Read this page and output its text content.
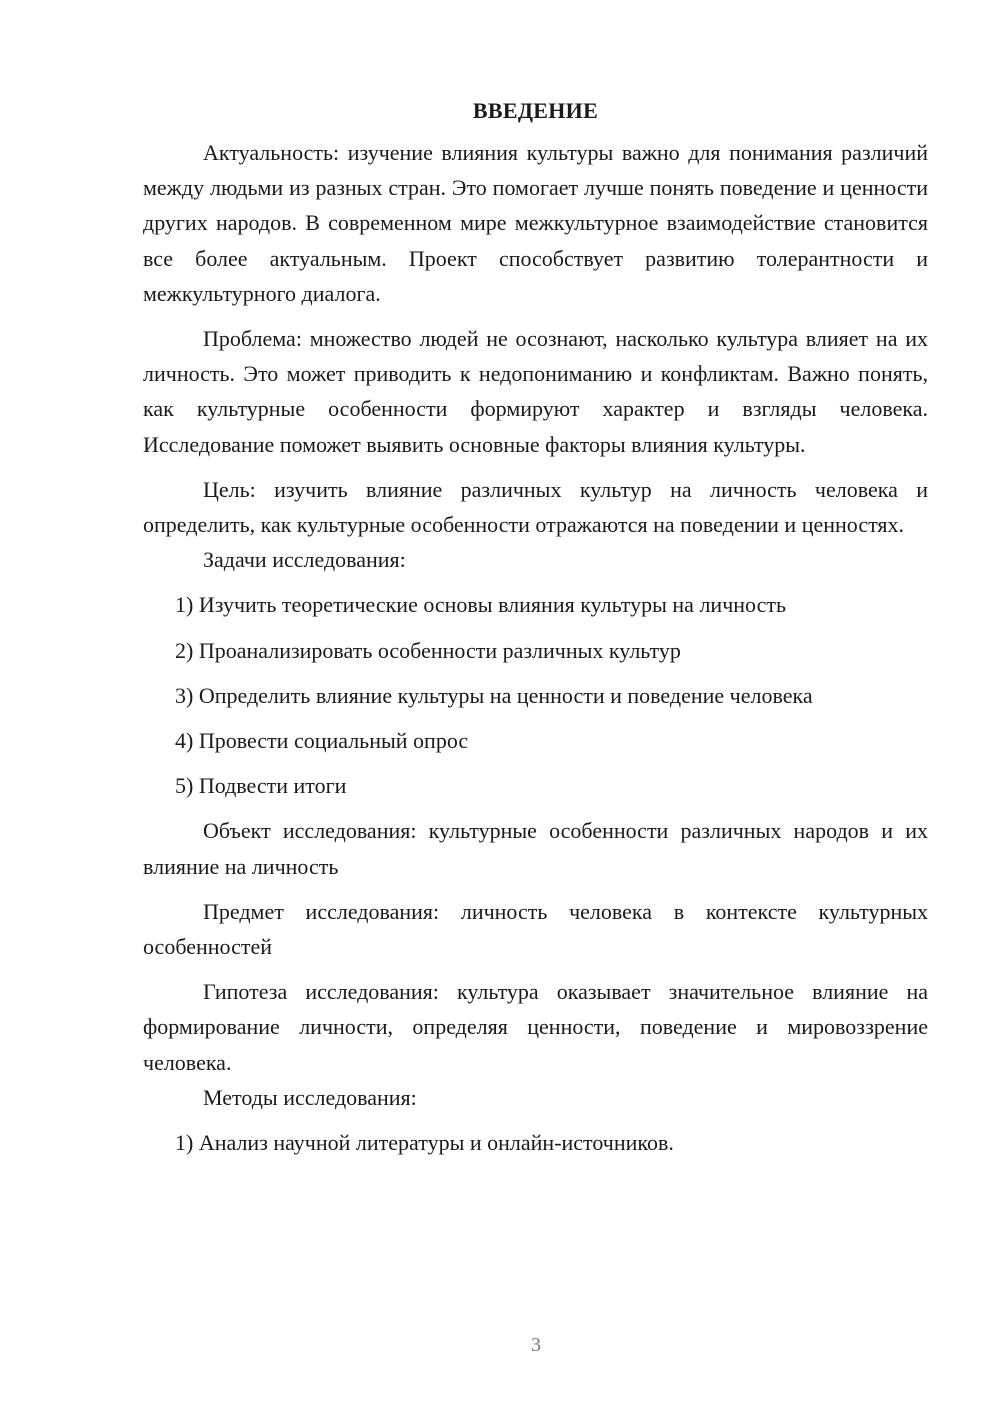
ВВЕДЕНИЕ

Актуальность: изучение влияния культуры важно для понимания различий между людьми из разных стран. Это помогает лучше понять поведение и ценности других народов. В современном мире межкультурное взаимодействие становится все более актуальным. Проект способствует развитию толерантности и межкультурного диалога.

Проблема: множество людей не осознают, насколько культура влияет на их личность. Это может приводить к недопониманию и конфликтам. Важно понять, как культурные особенности формируют характер и взгляды человека. Исследование поможет выявить основные факторы влияния культуры.

Цель: изучить влияние различных культур на личность человека и определить, как культурные особенности отражаются на поведении и ценностях.

Задачи исследования:

1) Изучить теоретические основы влияния культуры на личность

2) Проанализировать особенности различных культур

3) Определить влияние культуры на ценности и поведение человека

4) Провести социальный опрос

5) Подвести итоги

Объект исследования: культурные особенности различных народов и их влияние на личность

Предмет исследования: личность человека в контексте культурных особенностей

Гипотеза исследования: культура оказывает значительное влияние на формирование личности, определяя ценности, поведение и мировоззрение человека.

Методы исследования:

1) Анализ научной литературы и онлайн-источников.

3
